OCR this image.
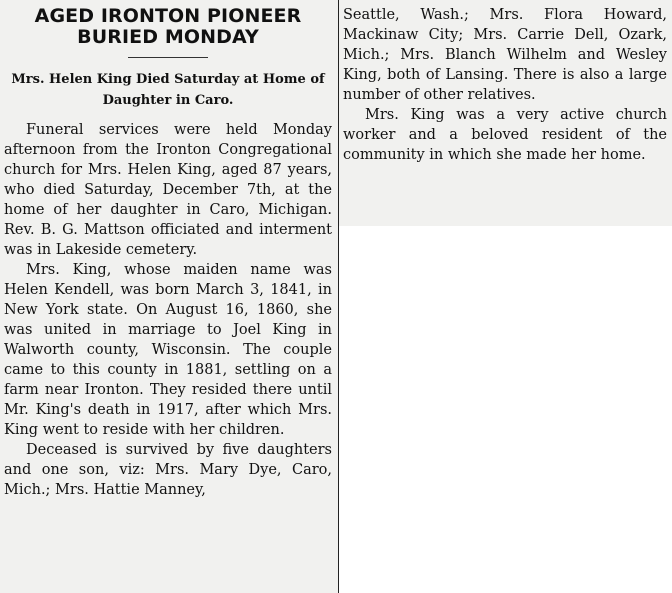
AGED IRONTON PIONEER BURIED MONDAY
Mrs. Helen King Died Saturday at Home of Daughter in Caro.

Funeral services were held Monday afternoon from the Ironton Congregational church for Mrs. Helen King, aged 87 years, who died Saturday, December 7th, at the home of her daughter in Caro, Michigan. Rev. B. G. Mattson officiated and interment was in Lakeside cemetery.

Mrs. King, whose maiden name was Helen Kendell, was born March 3, 1841, in New York state. On August 16, 1860, she was united in marriage to Joel King in Walworth county, Wisconsin. The couple came to this county in 1881, settling on a farm near Ironton. They resided there until Mr. King's death in 1917, after which Mrs. King went to reside with her children.

Deceased is survived by five daughters and one son, viz: Mrs. Mary Dye, Caro, Mich.; Mrs. Hattie Manney,

Seattle, Wash.; Mrs. Flora Howard, Mackinaw City; Mrs. Carrie Dell, Ozark, Mich.; Mrs. Blanch Wilhelm and Wesley King, both of Lansing. There is also a large number of other relatives.

Mrs. King was a very active church worker and a beloved resident of the community in which she made her home.
